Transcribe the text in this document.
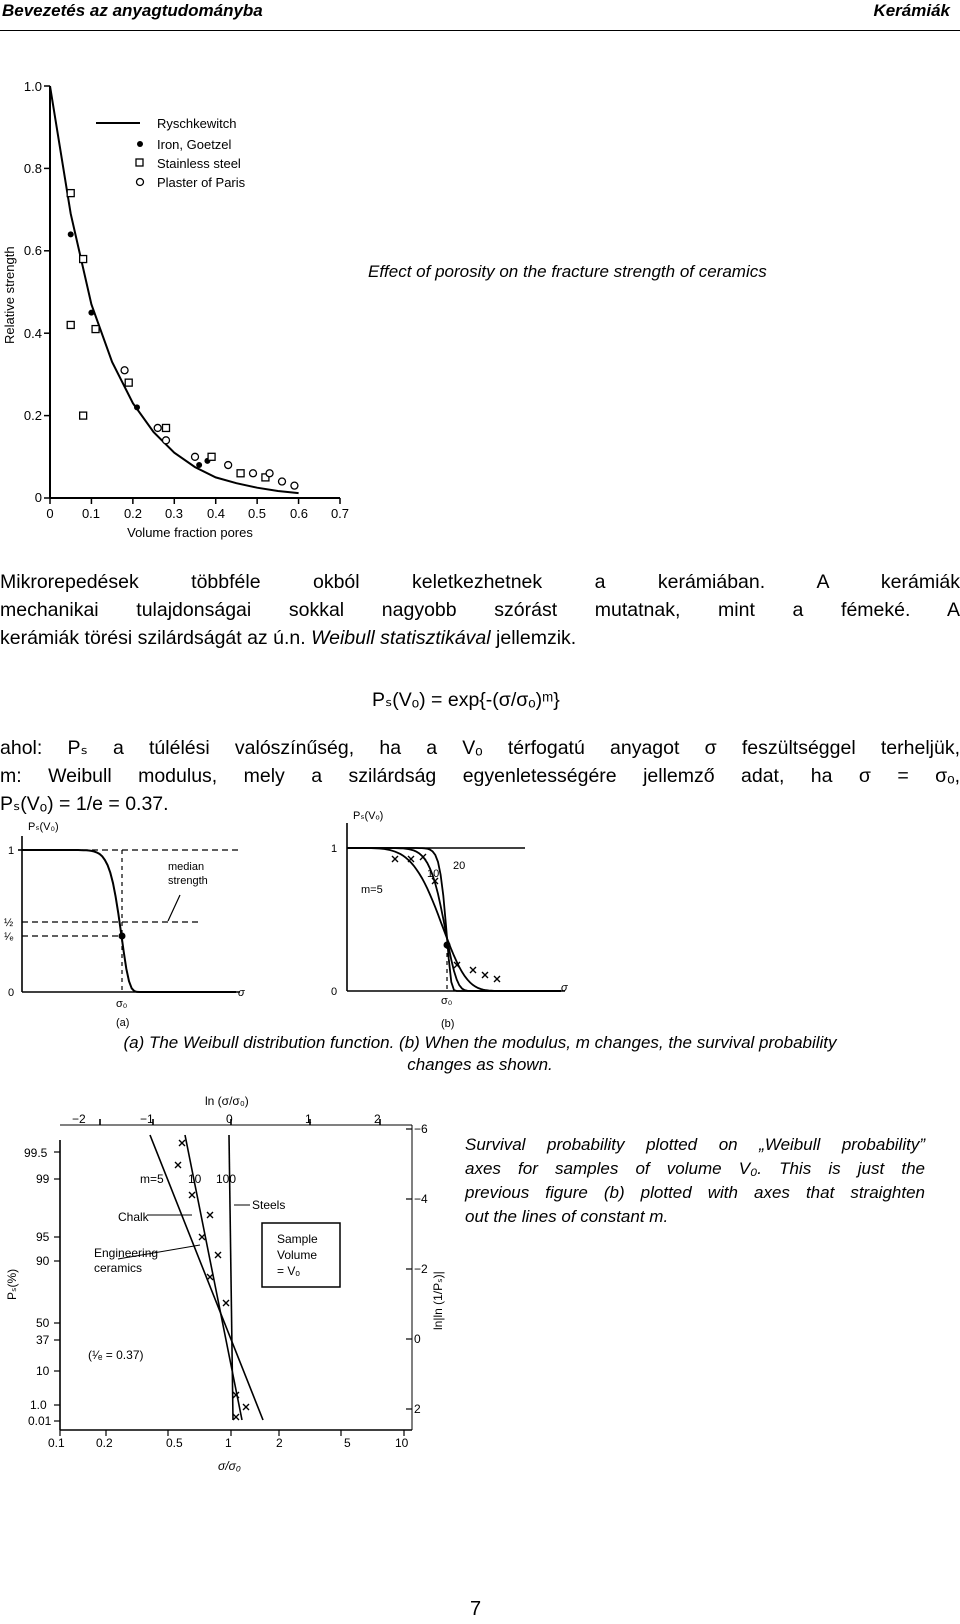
Bevezetés az anyagtudományba	Kerámiák
0
0.2
0.4
0.6
0.8
1.0
0 0.1 0.2 0.3 0.4 0.5 0.6 0.7
Volume fraction pores
Relative strength
Ryschkewitch
Iron, Goetzel
Stainless steel
Plaster of Paris
Effect of porosity on the fracture strength of ceramics
Mikrorepedések többféle okból keletkezhetnek a kerámiában. A kerámiák
mechanikai tulajdonságai sokkal nagyobb szórást mutatnak, mint a fémeké. A
kerámiák törési szilárdságát az ú.n. Weibull statisztikával jellemzik.
Pₛ(Vₒ) = exp{-(σ/σₒ)ᵐ}
ahol: Pₛ a túlélési valószínűség, ha a Vₒ térfogatú anyagot σ feszültséggel terheljük,
m: Weibull modulus, mely a szilárdság egyenletességére jellemző adat, ha σ = σₒ,
Pₛ(Vₒ) = 1/e = 0.37.
Pₛ(V₀)
1
½
¹⁄ₑ
0
σ₀
σ
median
strength
(a)
Pₛ(Vₒ)
1
0
σ₀
σ
m=5
10
20
(b)
(a) The Weibull distribution function. (b) When the modulus, m changes, the survival probability
changes as shown.
ln (σ/σ₀)
−2	−1	0	1	2
99.5
99
95
90
50
37
10
1.0
0.01
0.1	0.2	0.5	1	2	5	10
σ/σ₀
Pₛ(%)	ln|ln (1/Pₛ)|
−6
−4
−2
0
2
m=5 10 100
Chalk
Steels
Engineering
ceramics
Sample
Volume
= Vₒ
(¹⁄ₑ = 0.37)
Survival probability plotted on „Weibull probability”
axes for samples of volume V₀. This is just the
previous figure (b) plotted with axes that straighten
out the lines of constant m.
7
